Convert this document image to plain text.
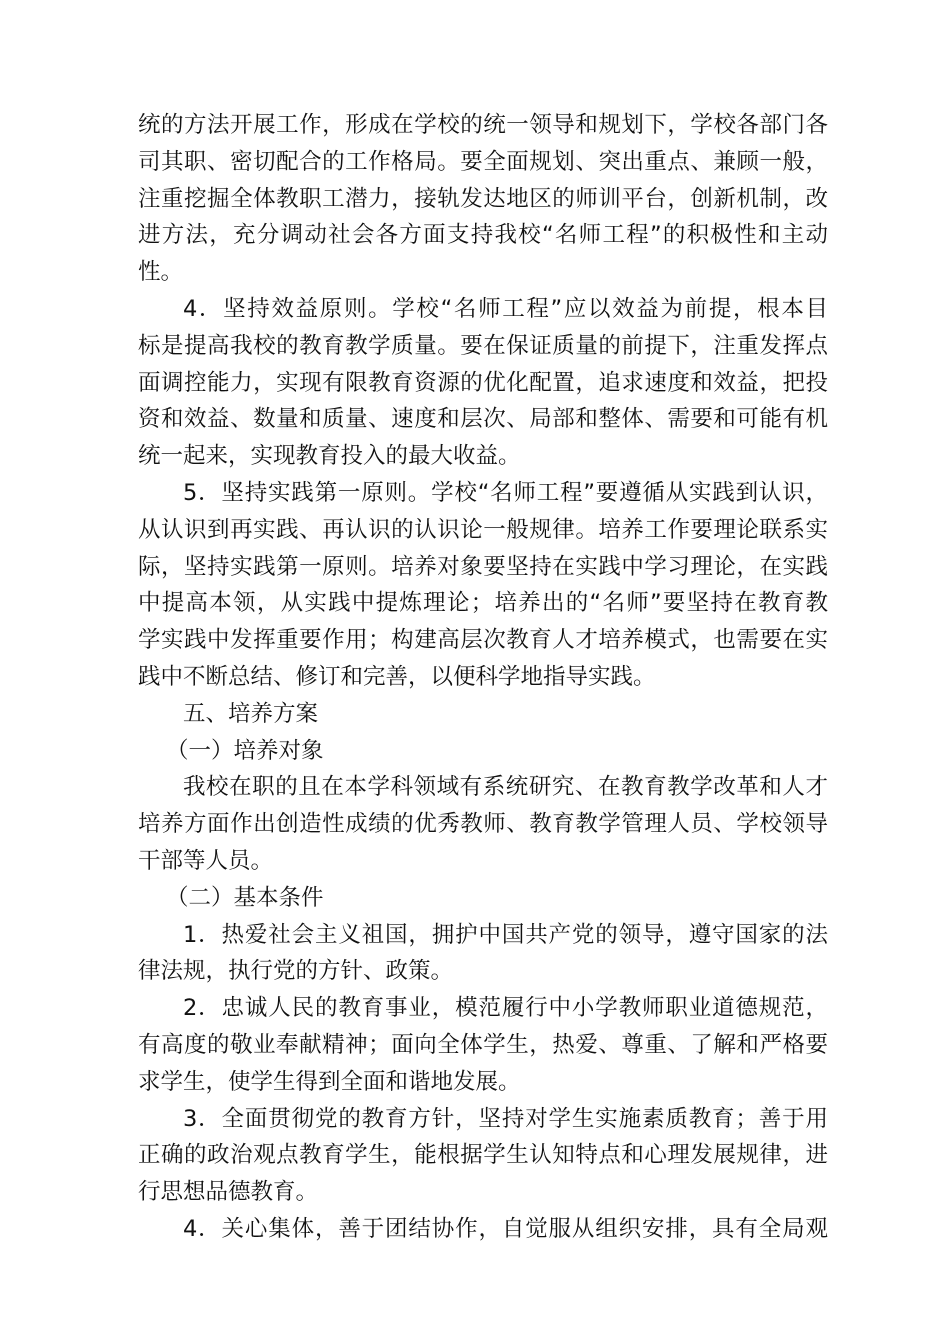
统的方法开展工作，形成在学校的统一领导和规划下，学校各部门各
司其职、密切配合的工作格局。要全面规划、突出重点、兼顾一般，
注重挖掘全体教职工潜力，接轨发达地区的师训平台，创新机制，改
进方法，充分调动社会各方面支持我校“名师工程”的积极性和主动
性。
4．坚持效益原则。学校“名师工程”应以效益为前提，根本目
标是提高我校的教育教学质量。要在保证质量的前提下，注重发挥点
面调控能力，实现有限教育资源的优化配置，追求速度和效益，把投
资和效益、数量和质量、速度和层次、局部和整体、需要和可能有机
统一起来，实现教育投入的最大收益。
5．坚持实践第一原则。学校“名师工程”要遵循从实践到认识，
从认识到再实践、再认识的认识论一般规律。培养工作要理论联系实
际，坚持实践第一原则。培养对象要坚持在实践中学习理论，在实践
中提高本领，从实践中提炼理论；培养出的“名师”要坚持在教育教
学实践中发挥重要作用；构建高层次教育人才培养模式，也需要在实
践中不断总结、修订和完善，以便科学地指导实践。
五、培养方案
（一）培养对象
我校在职的且在本学科领域有系统研究、在教育教学改革和人才
培养方面作出创造性成绩的优秀教师、教育教学管理人员、学校领导
干部等人员。
（二）基本条件
1．热爱社会主义祖国，拥护中国共产党的领导，遵守国家的法
律法规，执行党的方针、政策。
2．忠诚人民的教育事业，模范履行中小学教师职业道德规范，
有高度的敬业奉献精神；面向全体学生，热爱、尊重、了解和严格要
求学生，使学生得到全面和谐地发展。
3．全面贯彻党的教育方针，坚持对学生实施素质教育；善于用
正确的政治观点教育学生，能根据学生认知特点和心理发展规律，进
行思想品德教育。
4．关心集体，善于团结协作，自觉服从组织安排，具有全局观
